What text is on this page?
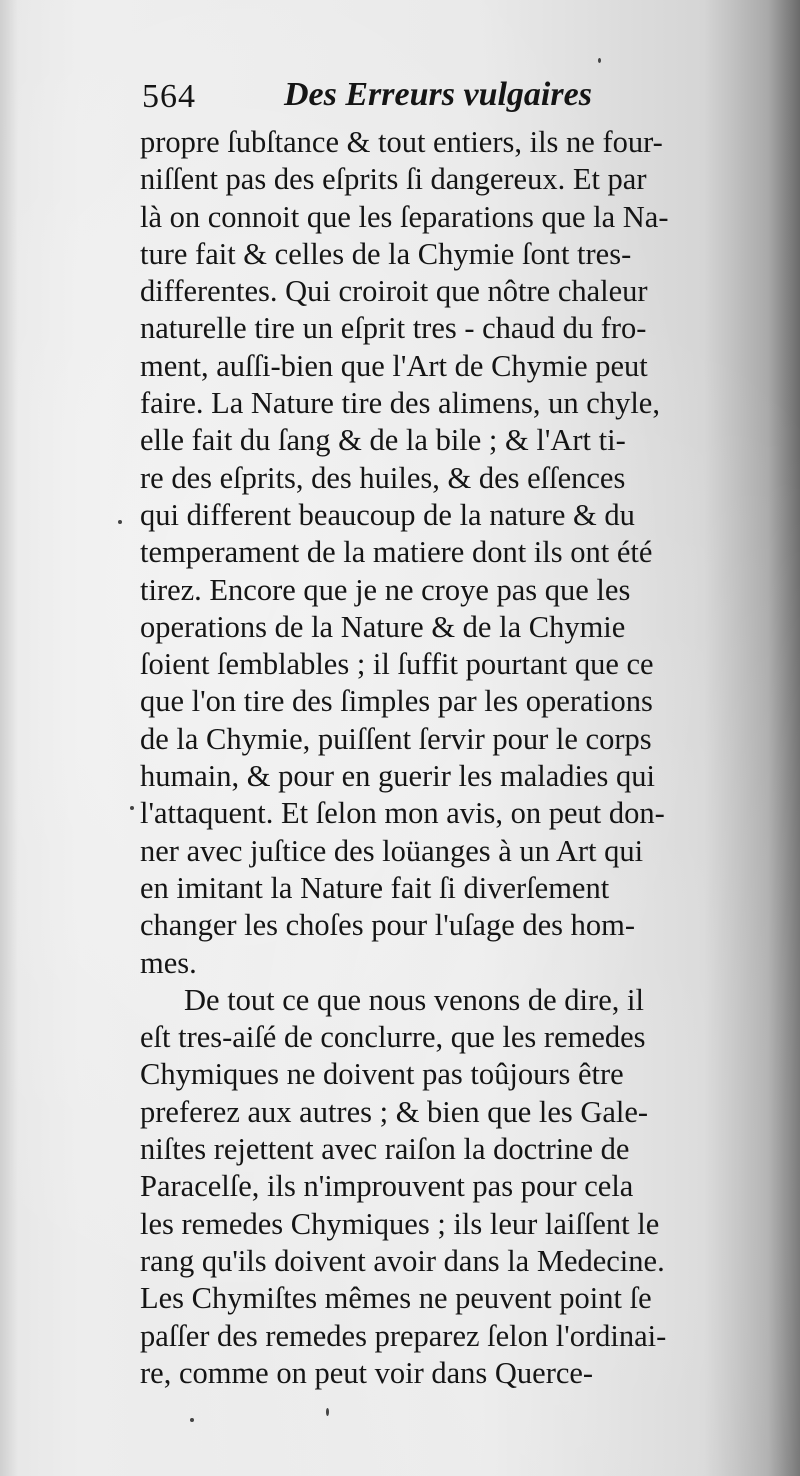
564	Des Erreurs vulgaires
propre ſubſtance & tout entiers, ils ne four-
niſſent pas des eſprits ſi dangereux. Et par
là on connoit que les ſeparations que la Na-
ture fait & celles de la Chymie ſont tres-
differentes. Qui croiroit que nôtre chaleur
naturelle tire un eſprit tres - chaud du fro-
ment, auſſi-bien que l'Art de Chymie peut
faire. La Nature tire des alimens, un chyle,
elle fait du ſang & de la bile ; & l'Art ti-
re des eſprits, des huiles, & des eſſences
qui different beaucoup de la nature & du
temperament de la matiere dont ils ont été
tirez. Encore que je ne croye pas que les
operations de la Nature & de la Chymie
ſoient ſemblables ; il ſuffit pourtant que ce
que l'on tire des ſimples par les operations
de la Chymie, puiſſent ſervir pour le corps
humain, & pour en guerir les maladies qui
l'attaquent. Et ſelon mon avis, on peut don-
ner avec juſtice des loüanges à un Art qui
en imitant la Nature fait ſi diverſement
changer les choſes pour l'uſage des hom-
mes.
De tout ce que nous venons de dire, il
eſt tres-aiſé de conclurre, que les remedes
Chymiques ne doivent pas toûjours être
preferez aux autres ; & bien que les Gale-
niſtes rejettent avec raiſon la doctrine de
Paracelſe, ils n'improuvent pas pour cela
les remedes Chymiques ; ils leur laiſſent le
rang qu'ils doivent avoir dans la Medecine.
Les Chymiſtes mêmes ne peuvent point ſe
paſſer des remedes preparez ſelon l'ordinai-
re, comme on peut voir dans Querce-
